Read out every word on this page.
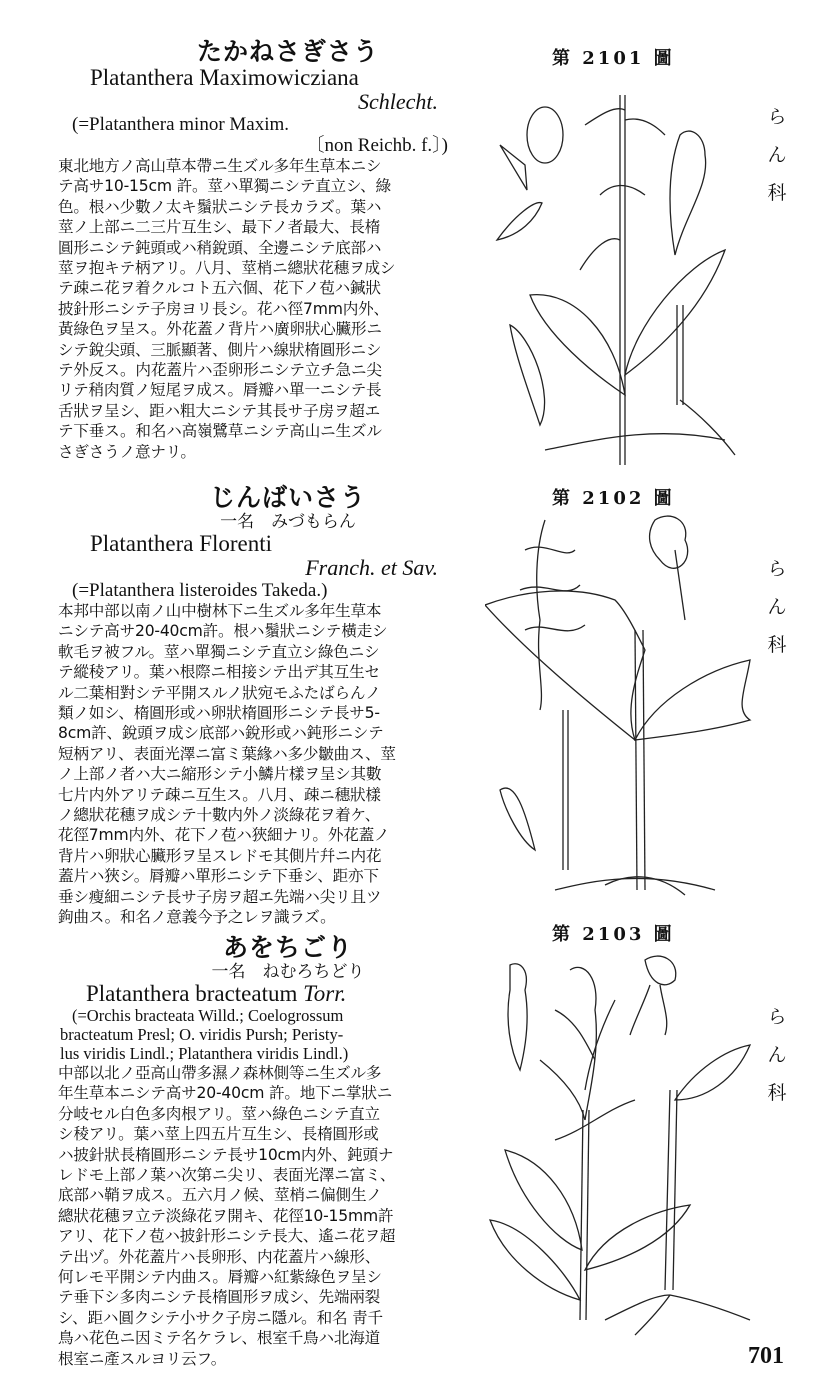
たかねさぎさう
Platanthera Maximowicziana
Schlecht.
(=Platanthera minor Maxim.
〔non Reichb. f.〕)
東北地方ノ高山草本帶ニ生ズル多年生草本ニシ
テ高サ10-15cm 許。莖ハ單獨ニシテ直立シ、綠
色。根ハ少數ノ太キ鬚狀ニシテ長カラズ。葉ハ
莖ノ上部ニ二三片互生シ、最下ノ者最大、長楕
圓形ニシテ鈍頭或ハ稍銳頭、全邊ニシテ底部ハ
莖ヲ抱キテ柄アリ。八月、莖梢ニ總狀花穗ヲ成シ
テ疎ニ花ヲ着クルコト五六個、花下ノ苞ハ鍼狀
披針形ニシテ子房ヨリ長シ。花ハ徑7mm内外、
黃綠色ヲ呈ス。外花蓋ノ背片ハ廣卵狀心臟形ニ
シテ銳尖頭、三脈顯著、側片ハ線狀楕圓形ニシ
テ外反ス。内花蓋片ハ歪卵形ニシテ立チ急ニ尖
リテ稍肉質ノ短尾ヲ成ス。脣瓣ハ單一ニシテ長
舌狀ヲ呈シ、距ハ粗大ニシテ其長サ子房ヲ超エ
テ下垂ス。和名ハ高嶺鷺草ニシテ高山ニ生ズル
さぎさうノ意ナリ。
第 2101 圖
ら
ん
科
じんばいさう
一名　みづもらん
Platanthera Florenti
Franch. et Sav.
(=Platanthera listeroides Takeda.)
本邦中部以南ノ山中樹林下ニ生ズル多年生草本
ニシテ高サ20-40cm許。根ハ鬚狀ニシテ橫走シ
軟毛ヲ被フル。莖ハ單獨ニシテ直立シ綠色ニシ
テ縱稜アリ。葉ハ根際ニ相接シテ出デ其互生セ
ル二葉相對シテ平開スルノ狀宛モふたばらんノ
類ノ如シ、楕圓形或ハ卵狀楕圓形ニシテ長サ5-
8cm許、銳頭ヲ成シ底部ハ銳形或ハ鈍形ニシテ
短柄アリ、表面光澤ニ富ミ葉緣ハ多少皺曲ス、莖
ノ上部ノ者ハ大ニ縮形シテ小鱗片樣ヲ呈シ其數
七片内外アリテ疎ニ互生ス。八月、疎ニ穗狀樣
ノ總狀花穗ヲ成シテ十數内外ノ淡綠花ヲ着ケ、
花徑7mm内外、花下ノ苞ハ狹細ナリ。外花蓋ノ
背片ハ卵狀心臟形ヲ呈スレドモ其側片幷ニ内花
蓋片ハ狹シ。脣瓣ハ單形ニシテ下垂シ、距亦下
垂シ瘦細ニシテ長サ子房ヲ超エ先端ハ尖リ且ツ
鉤曲ス。和名ノ意義今予之レヲ識ラズ。
第 2102 圖
ら
ん
科
あをちごり
一名　ねむろちどり
Platanthera bracteatum Torr.
(=Orchis bracteata Willd.; Coelogrossum
bracteatum Presl; O. viridis Pursh; Peristy-
lus viridis Lindl.; Platanthera viridis Lindl.)
中部以北ノ亞高山帶多濕ノ森林側等ニ生ズル多
年生草本ニシテ高サ20-40cm 許。地下ニ掌狀ニ
分岐セル白色多肉根アリ。莖ハ綠色ニシテ直立
シ稜アリ。葉ハ莖上四五片互生シ、長楕圓形或
ハ披針狀長楕圓形ニシテ長サ10cm内外、鈍頭ナ
レドモ上部ノ葉ハ次第ニ尖リ、表面光澤ニ富ミ、
底部ハ鞘ヲ成ス。五六月ノ候、莖梢ニ偏側生ノ
總狀花穗ヲ立テ淡綠花ヲ開キ、花徑10-15mm許
アリ、花下ノ苞ハ披針形ニシテ長大、遙ニ花ヲ超
テ出ヅ。外花蓋片ハ長卵形、内花蓋片ハ線形、
何レモ平開シテ内曲ス。脣瓣ハ紅紫綠色ヲ呈シ
テ垂下シ多肉ニシテ長楕圓形ヲ成シ、先端兩裂
シ、距ハ圓クシテ小サク子房ニ隱ル。和名 靑千
鳥ハ花色ニ因ミテ名ケラレ、根室千鳥ハ北海道
根室ニ產スルヨリ云フ。
第 2103 圖
ら
ん
科
701
